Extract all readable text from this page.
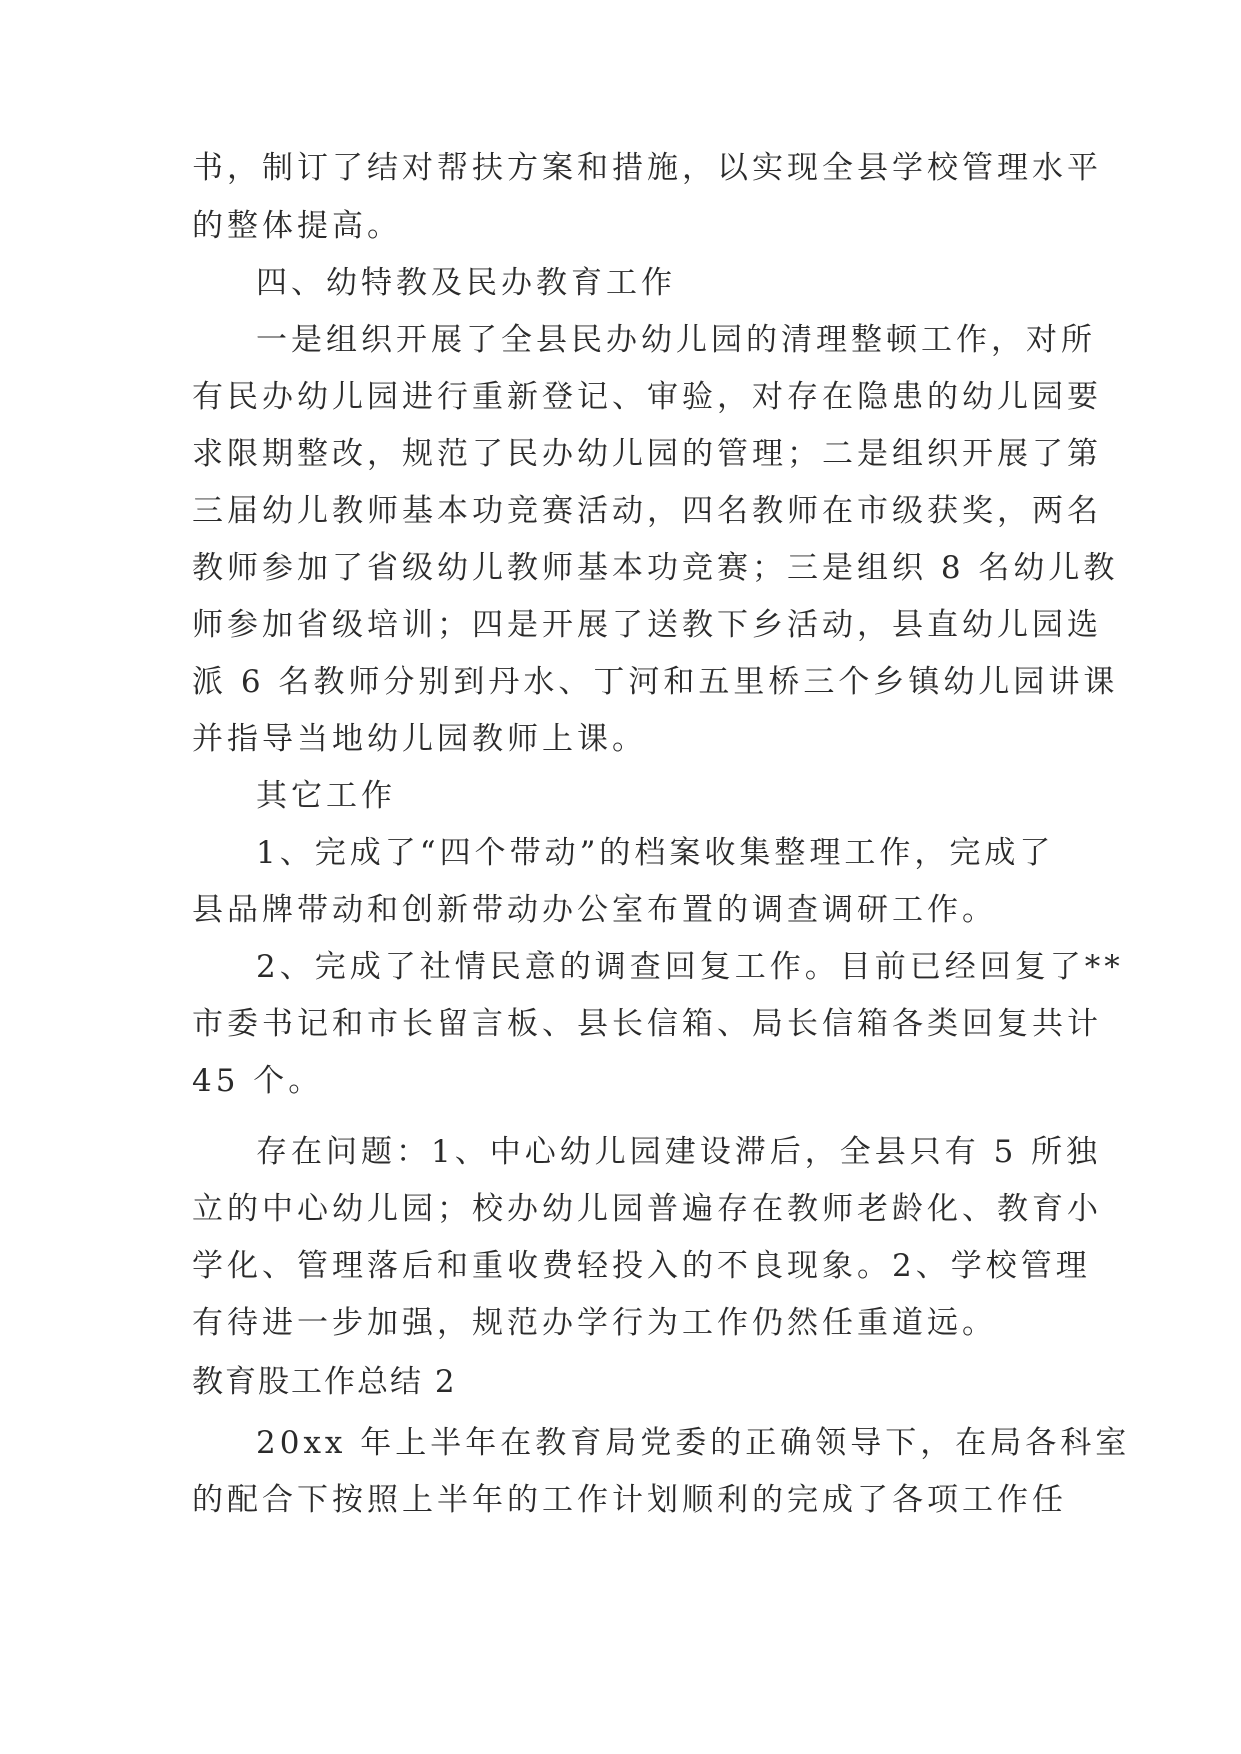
书，制订了结对帮扶方案和措施，以实现全县学校管理水平
的整体提高。
四、幼特教及民办教育工作
一是组织开展了全县民办幼儿园的清理整顿工作，对所
有民办幼儿园进行重新登记、审验，对存在隐患的幼儿园要
求限期整改，规范了民办幼儿园的管理；二是组织开展了第
三届幼儿教师基本功竞赛活动，四名教师在市级获奖，两名
教师参加了省级幼儿教师基本功竞赛；三是组织 8 名幼儿教
师参加省级培训；四是开展了送教下乡活动，县直幼儿园选
派 6 名教师分别到丹水、丁河和五里桥三个乡镇幼儿园讲课
并指导当地幼儿园教师上课。
其它工作
1、完成了“四个带动”的档案收集整理工作，完成了
县品牌带动和创新带动办公室布置的调查调研工作。
2、完成了社情民意的调查回复工作。目前已经回复了**
市委书记和市长留言板、县长信箱、局长信箱各类回复共计
45 个。
存在问题：1、中心幼儿园建设滞后，全县只有 5 所独
立的中心幼儿园；校办幼儿园普遍存在教师老龄化、教育小
学化、管理落后和重收费轻投入的不良现象。2、学校管理
有待进一步加强，规范办学行为工作仍然任重道远。
教育股工作总结 2
20xx 年上半年在教育局党委的正确领导下，在局各科室
的配合下按照上半年的工作计划顺利的完成了各项工作任
